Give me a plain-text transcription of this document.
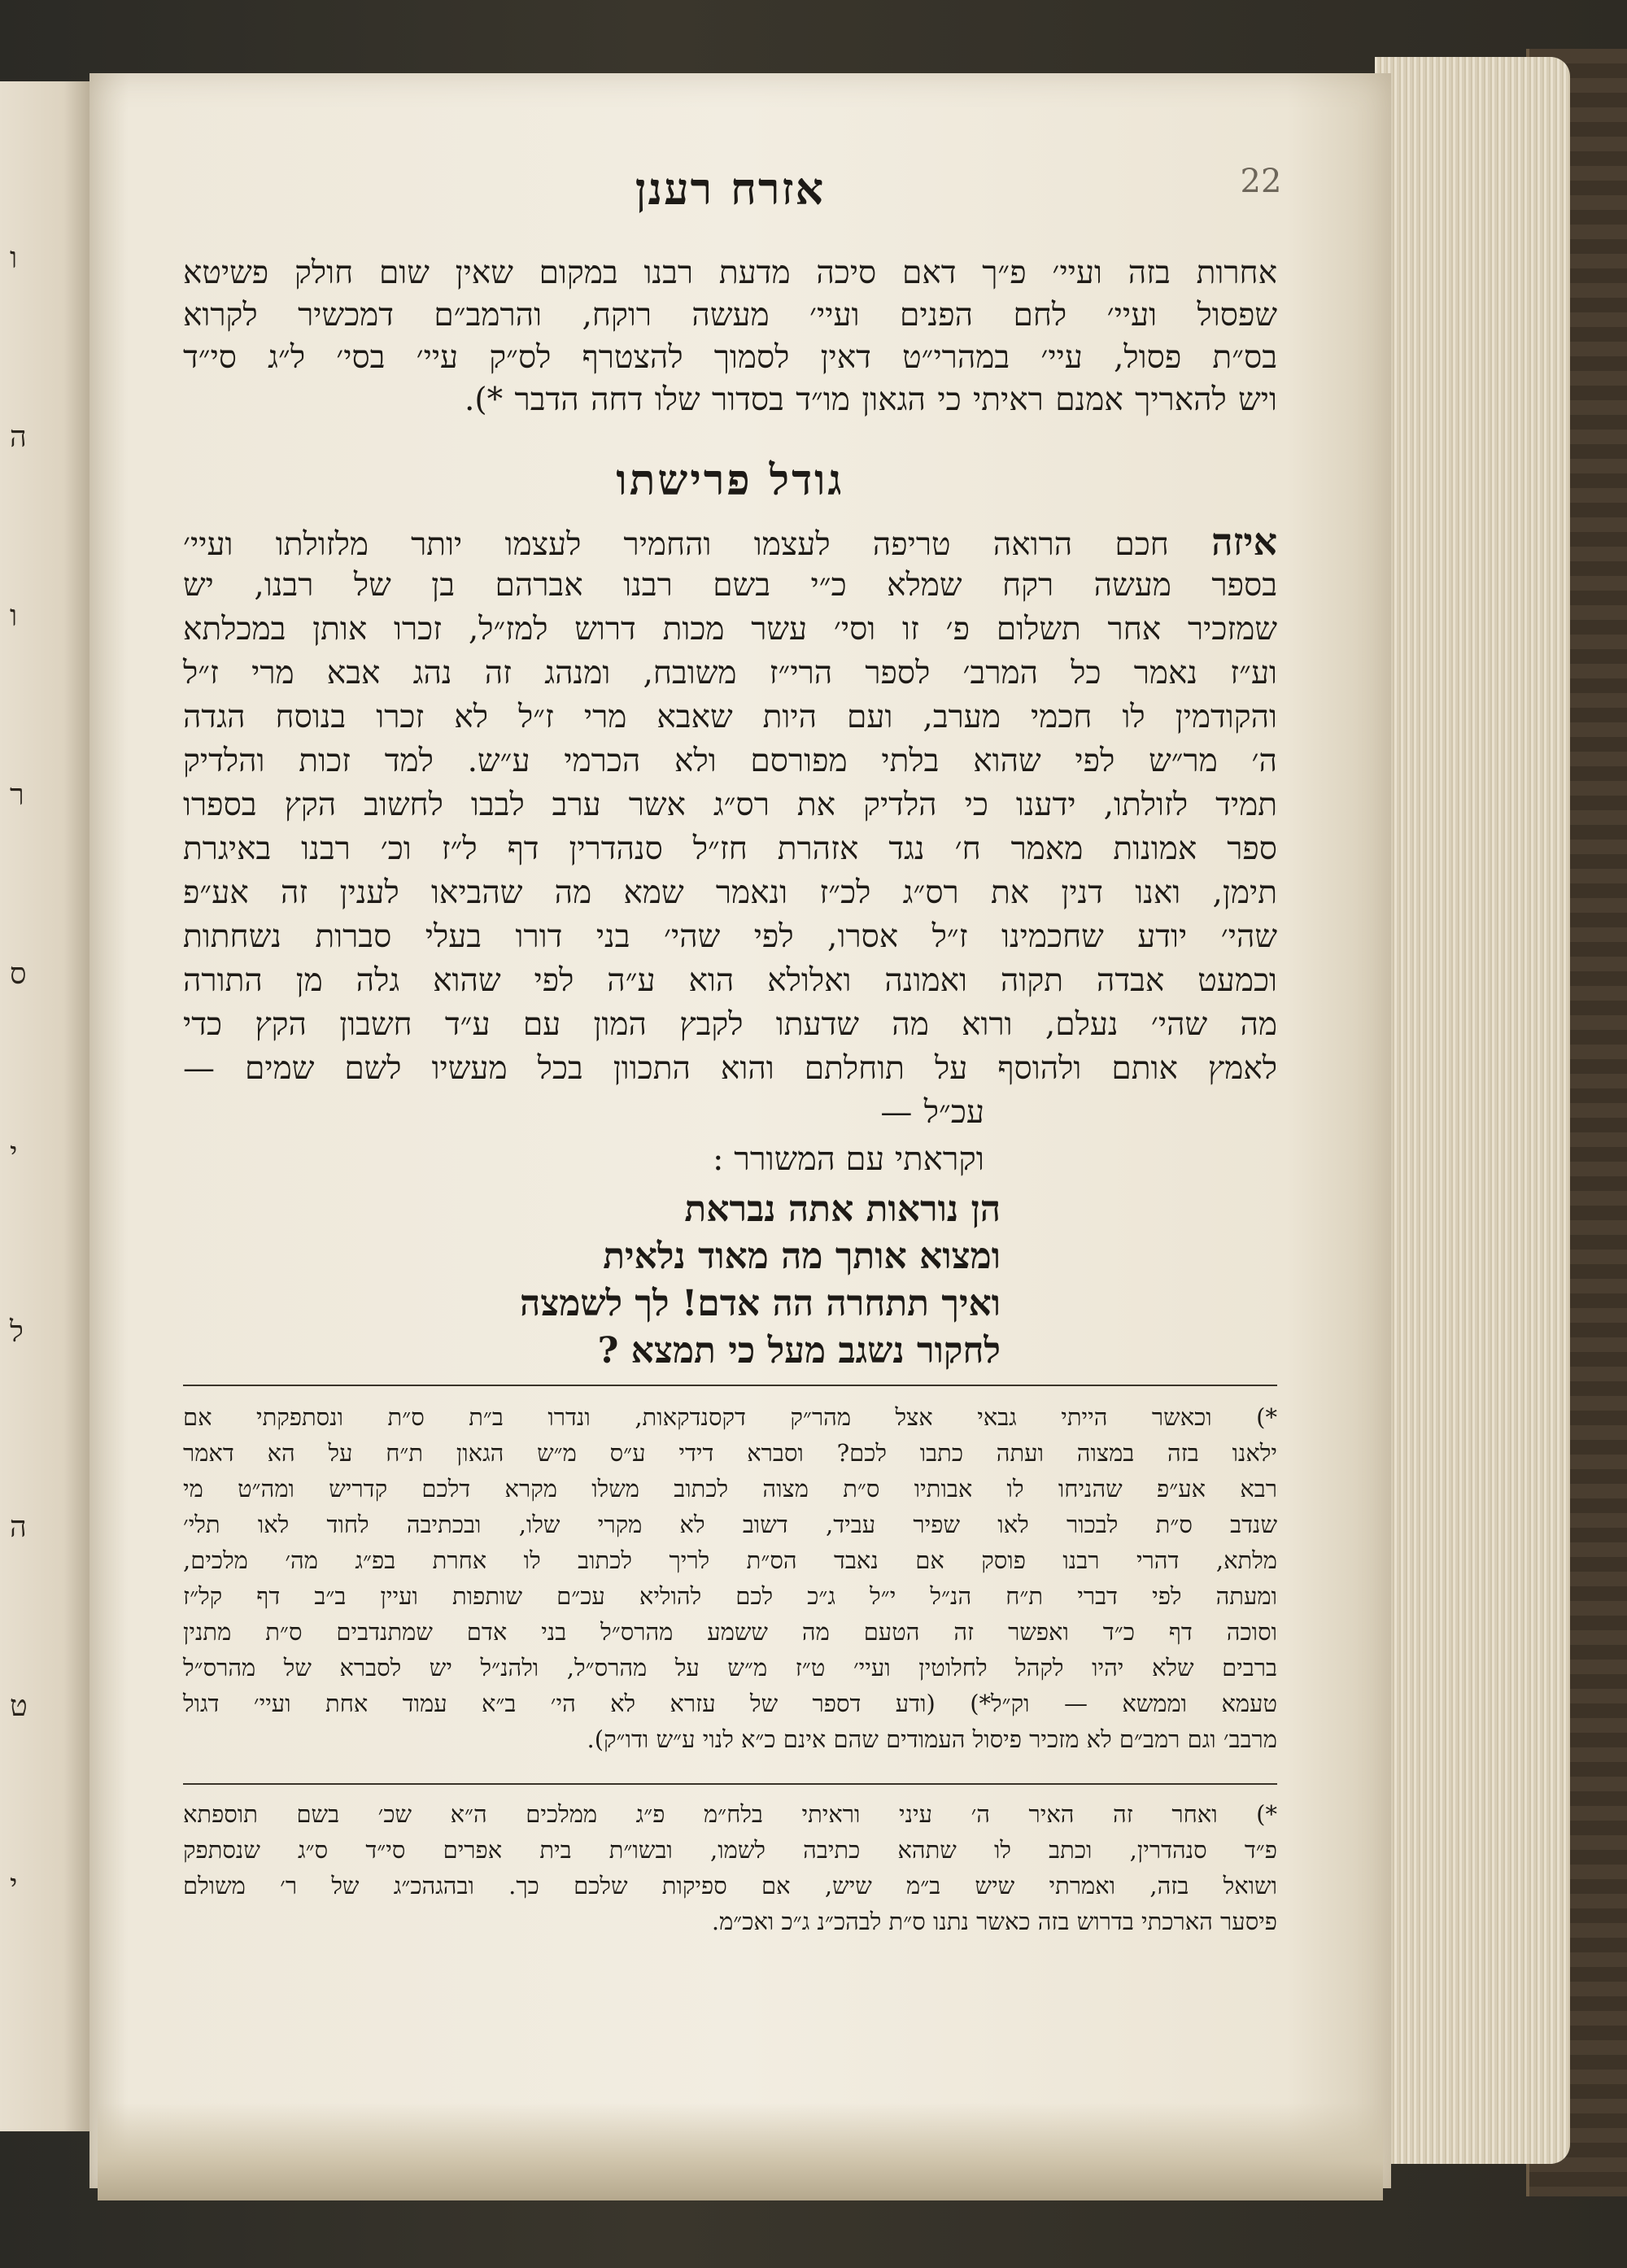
ו
ה
ו
ר
ס
י
ל
ה
ט
י
אזרח רענן	22
אחרות בזה ועיי׳ פ״ך דאם סיכה מדעת רבנו במקום שאין שום חולק פשיטא
שפסול ועיי׳ לחם הפנים ועיי׳ מעשה רוקח, והרמב״ם דמכשיר לקרוא
בס״ת פסול, עיי׳ במהרי״ט דאין לסמוך להצטרף לס״ק עיי׳ בסי׳ ל״ג סי״ד
ויש להאריך אמנם ראיתי כי הגאון מו״ד בסדור שלו דחה הדבר *).
גודל פרישתו
איזה חכם הרואה טריפה לעצמו והחמיר לעצמו יותר מלזולתו ועיי׳
בספר מעשה רקח שמלא כ״י בשם רבנו אברהם בן של רבנו, יש
שמזכיר אחר תשלום פ׳ זו וסי׳ עשר מכות דרוש למז״ל, זכרו אותן במכלתא
וע״ז נאמר כל המרב׳ לספר הרי״ז משובח, ומנהג זה נהג אבא מרי ז״ל
והקודמין לו חכמי מערב, ועם היות שאבא מרי ז״ל לא זכרו בנוסח הגדה
ה׳ מר״ש לפי שהוא בלתי מפורסם ולא הכרמי ע״ש. למד זכות והלדיק
תמיד לזולתו, ידענו כי הלדיק את רס״ג אשר ערב לבבו לחשוב הקץ בספרו
ספר אמונות מאמר ח׳ נגד אזהרת חז״ל סנהדרין דף ל״ז וכ׳ רבנו באיגרת
תימן, ואנו דנין את רס״ג לכ״ז ונאמר שמא מה שהביאו לענין זה אע״פ
שהי׳ יודע שחכמינו ז״ל אסרו, לפי שהי׳ בני דורו בעלי סברות נשחתות
וכמעט אבדה תקוה ואמונה ואלולא הוא ע״ה לפי שהוא גלה מן התורה
מה שהי׳ נעלם, ורוא מה שדעתו לקבץ המון עם ע״ד חשבון הקץ כדי
לאמץ אותם ולהוסף על תוחלתם והוא התכוון בכל מעשיו לשם שמים —
עכ״ל —
וקראתי עם המשורר :
הן נוראות אתה נבראת
ומצוא אותך מה מאוד נלאית
ואיך תתחרה הה אדם! לך לשמצה
לחקור נשגב מעל כי תמצא ?
*) וכאשר הייתי גבאי אצל מהר״ק דקסנדקאות, ונדרו ב״ת ס״ת ונסתפקתי אם
ילאנו בזה במצוה ועתה כתבו לכם? וסברא דידי ע״ס מ״ש הגאון ת״ח על הא דאמר
רבא אע״פ שהניחו לו אבותיו ס״ת מצוה לכתוב משלו מקרא דלכם קדריש ומה״ט מי
שנדב ס״ת לבכור לאו שפיר עביד, דשוב לא מקרי שלו, ובכתיבה לחוד לאו תלי׳
מלתא, דהרי רבנו פוסק אם נאבד הס״ת לריך לכתוב לו אחרת בפ״ג מה׳ מלכים,
ומעתה לפי דברי ת״ח הנ״ל י״ל ג״כ לכם להוליא עכ״ם שותפות ועיין ב״ב דף קל״ז
וסוכה דף כ״ד ואפשר זה הטעם מה ששמע מהרס״ל בני אדם שמתנדבים ס״ת מתנין
ברבים שלא יהיו לקהל לחלוטין ועיי׳ ט״ז מ״ש על מהרס״ל, ולהנ״ל יש לסברא של מהרס״ל
טעמא וממשא — וק״ל*) (ודע דספר של עזרא לא הי׳ ב״א עמוד אחת ועיי׳ דגול
מרבב׳ וגם רמב״ם לא מזכיר פיסול העמודים שהם אינם כ״א לנוי ע״ש ודו״ק).
*) ואחר זה האיר ה׳ עיני וראיתי בלח״מ פ״ג ממלכים ה״א שכ׳ בשם תוספתא
פ״ד סנהדרין, וכתב לו שתהא כתיבה לשמו, ובשו״ת בית אפרים סי״ד ס״ג שנסתפק
ושואל בזה, ואמרתי שיש ב״מ שיש, אם ספיקות שלכם כך. ובהגהכ״ג של ר׳ משולם
פיסער הארכתי בדרוש בזה כאשר נתנו ס״ת לבהכ״נ ג״כ ואכ״מ.
